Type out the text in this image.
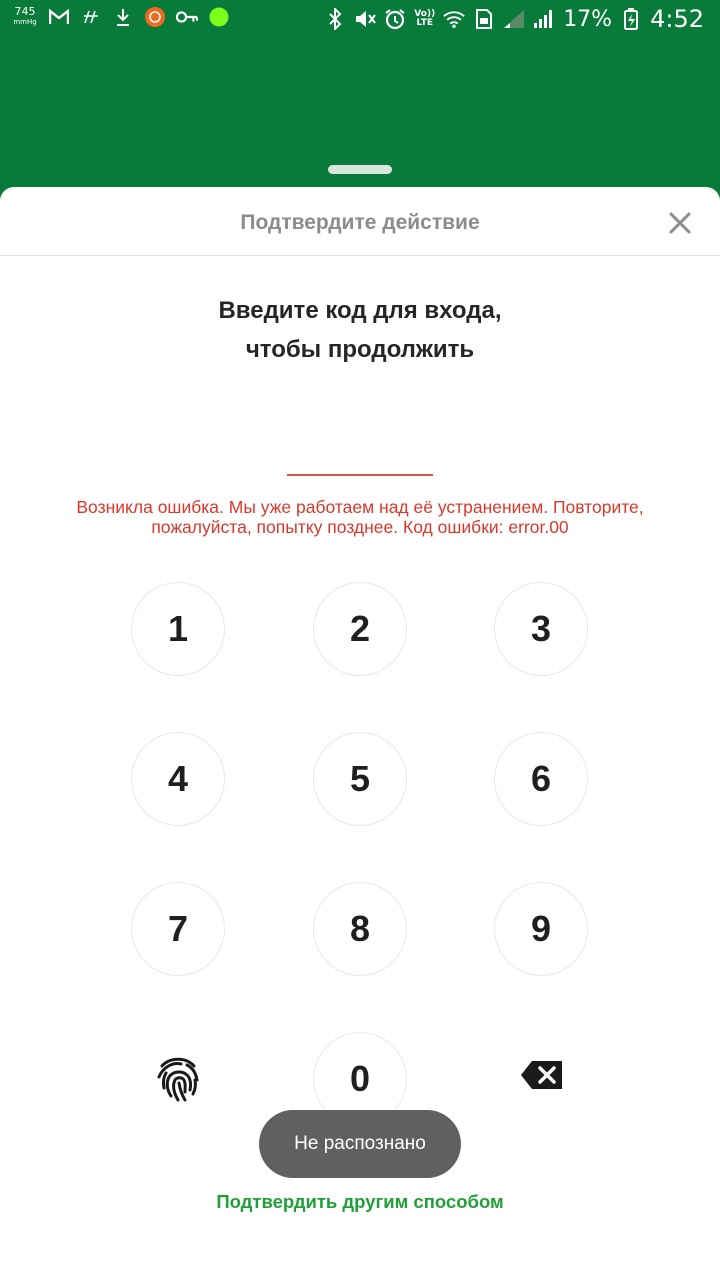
745
mmHg
Vo))
LTE	17% 4:52
Подтвердите действие
Введите код для входа,
чтобы продолжить
Возникла ошибка. Мы уже работаем над её устранением. Повторите, пожалуйста, попытку позднее. Код ошибки: error.00
1	2	3
4	5	6
7	8	9
0
Не распознано
Подтвердить другим способом
